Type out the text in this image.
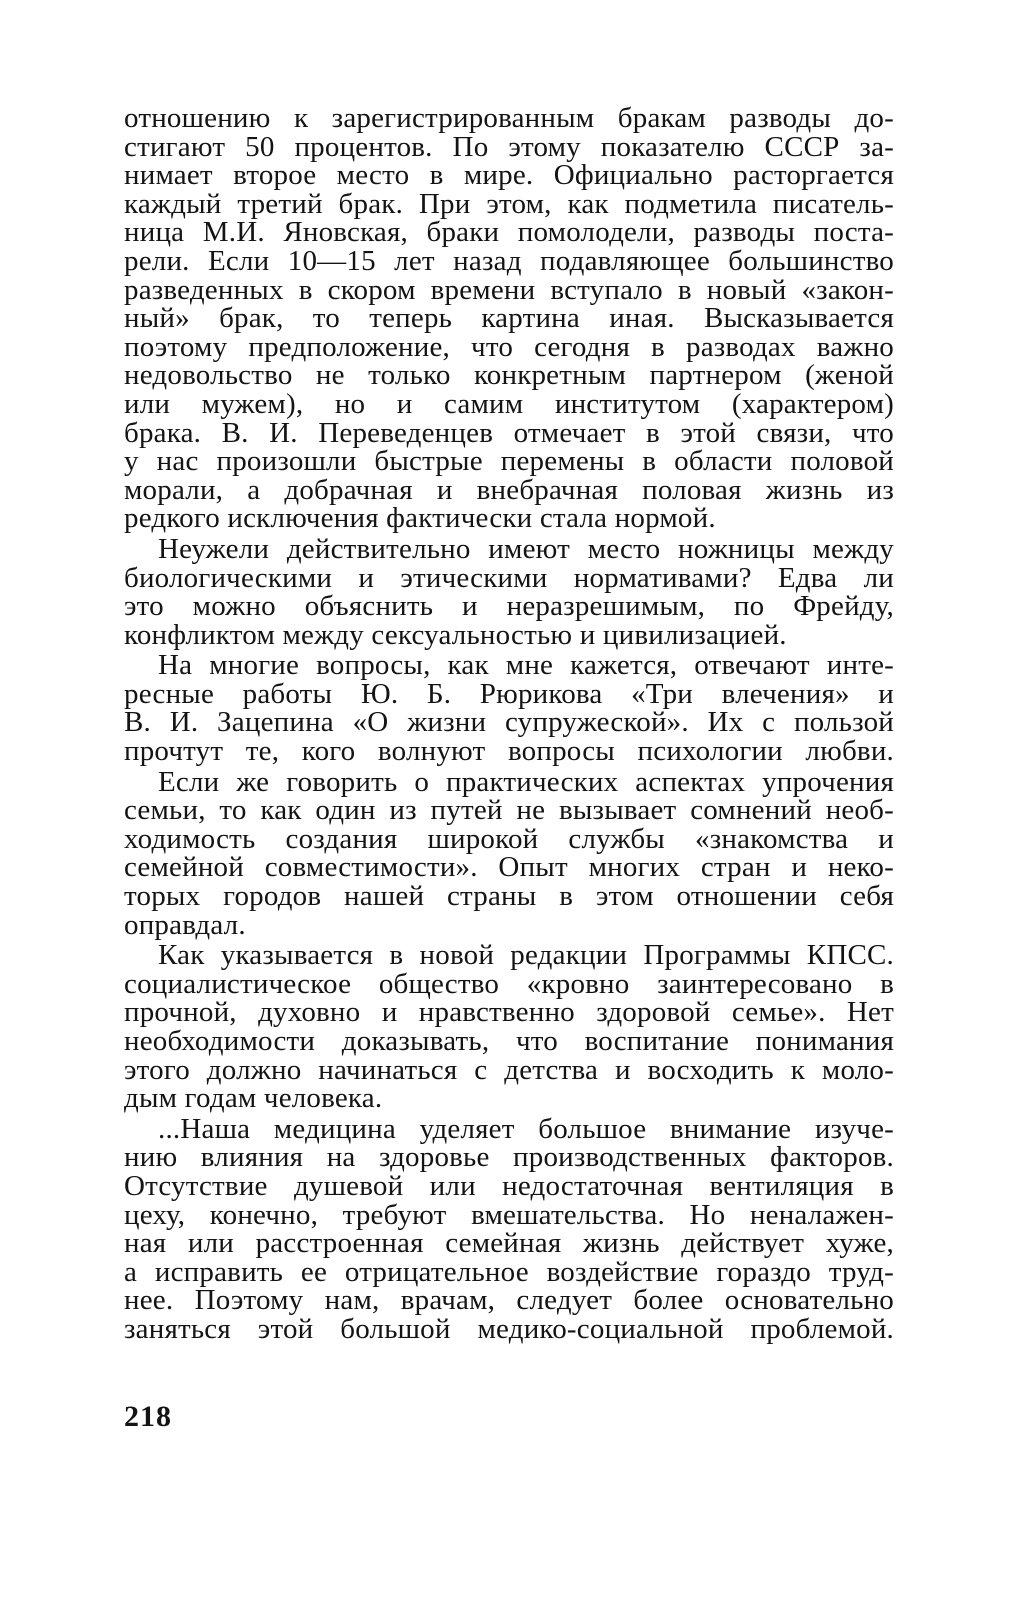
отношению к зарегистрированным бракам разводы до-
стигают 50 процентов. По этому показателю СССР за-
нимает второе место в мире. Официально расторгается
каждый третий брак. При этом, как подметила писатель-
ница М.И. Яновская, браки помолодели, разводы поста-
рели. Если 10—15 лет назад подавляющее большинство
разведенных в скором времени вступало в новый «закон-
ный» брак, то теперь картина иная. Высказывается
поэтому предположение, что сегодня в разводах важно
недовольство не только конкретным партнером (женой
или мужем), но и самим институтом (характером)
брака. В. И. Переведенцев отмечает в этой связи, что
у нас произошли быстрые перемены в области половой
морали, а добрачная и внебрачная половая жизнь из
редкого исключения фактически стала нормой.
Неужели действительно имеют место ножницы между
биологическими и этическими нормативами? Едва ли
это можно объяснить и неразрешимым, по Фрейду,
конфликтом между сексуальностью и цивилизацией.
На многие вопросы, как мне кажется, отвечают инте-
ресные работы Ю. Б. Рюрикова «Три влечения» и
В. И. Зацепина «О жизни супружеской». Их с пользой
прочтут те, кого волнуют вопросы психологии любви.
Если же говорить о практических аспектах упрочения
семьи, то как один из путей не вызывает сомнений необ-
ходимость создания широкой службы «знакомства и
семейной совместимости». Опыт многих стран и неко-
торых городов нашей страны в этом отношении себя
оправдал.
Как указывается в новой редакции Программы КПСС.
социалистическое общество «кровно заинтересовано в
прочной, духовно и нравственно здоровой семье». Нет
необходимости доказывать, что воспитание понимания
этого должно начинаться с детства и восходить к моло-
дым годам человека.
...Наша медицина уделяет большое внимание изуче-
нию влияния на здоровье производственных факторов.
Отсутствие душевой или недостаточная вентиляция в
цеху, конечно, требуют вмешательства. Но неналажен-
ная или расстроенная семейная жизнь действует хуже,
а исправить ее отрицательное воздействие гораздо труд-
нее. Поэтому нам, врачам, следует более основательно
заняться этой большой медико-социальной проблемой.
218
